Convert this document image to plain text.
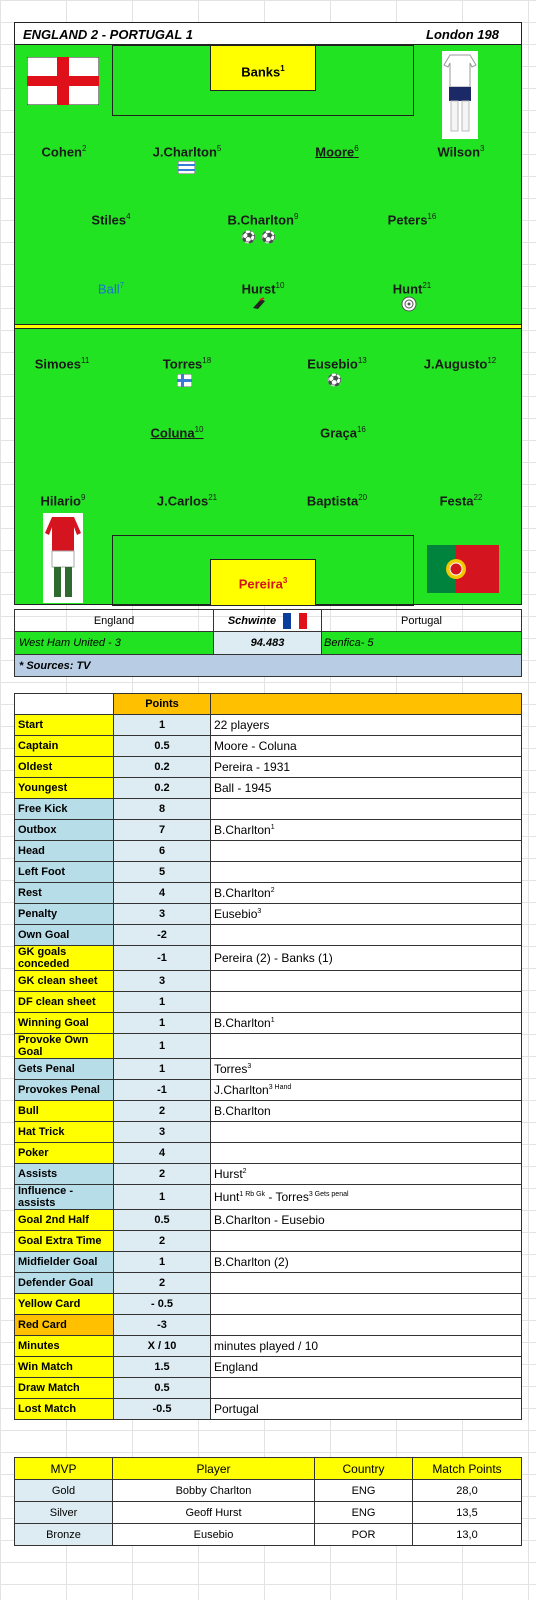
ENGLAND 2 - PORTUGAL 1	London 198
Banks$^1$
Cohen$^2$	J.Charlton$^5$	Moore$^6$	Wilson$^3$
Stiles$^4$	B.Charlton$^9$
⚽ ⚽
Peters$^{16}$
Ball$^7$	Hurst$^{10}$	Hunt$^{21}$
Simoes$^{11}$	Torres$^{18}$	Eusebio$^{13}$
⚽
J.Augusto$^{12}$
Coluna$^{10}$	Graça$^{16}$
Hilario$^9$	J.Carlos$^{21}$	Baptista$^{20}$	Festa$^{22}$
Pereira$^3$
England	Schwinte	Portugal
West Ham United - 3	94.483	Benfica- 5
* Sources: TV		
	Points	
Start	1	22 players
Captain	0.5	Moore - Coluna
Oldest	0.2	Pereira - 1931
Youngest	0.2	Ball - 1945
Free Kick	8	
Outbox	7	B.Charlton$^1$
Head	6	
Left Foot	5	
Rest	4	B.Charlton$^2$
Penalty	3	Eusebio$^3$
Own Goal	-2	
GK goals conceded	-1	Pereira (2) - Banks (1)
GK clean sheet	3	
DF clean sheet	1	
Winning Goal	1	B.Charlton$^1$
Provoke Own Goal	1	
Gets Penal	1	Torres$^3$
Provokes Penal	-1	J.Charlton$^{3 Hand}$
Bull	2	B.Charlton
Hat Trick	3	
Poker	4	
Assists	2	Hurst$^2$
Influence - assists	1	Hunt$^{1 Rb Gk}$ - Torres$^{3 Gets penal}$
Goal 2nd Half	0.5	B.Charlton - Eusebio
Goal Extra Time	2	
Midfielder Goal	1	B.Charlton (2)
Defender Goal	2	
Yellow Card	- 0.5	
Red Card	-3	
Minutes	X / 10	minutes played / 10
Win Match	1.5	England
Draw Match	0.5	
Lost Match	-0.5	Portugal
MVP	Player	Country	Match Points
Gold	Bobby Charlton	ENG	28,0
Silver	Geoff Hurst	ENG	13,5
Bronze	Eusebio	POR	13,0
